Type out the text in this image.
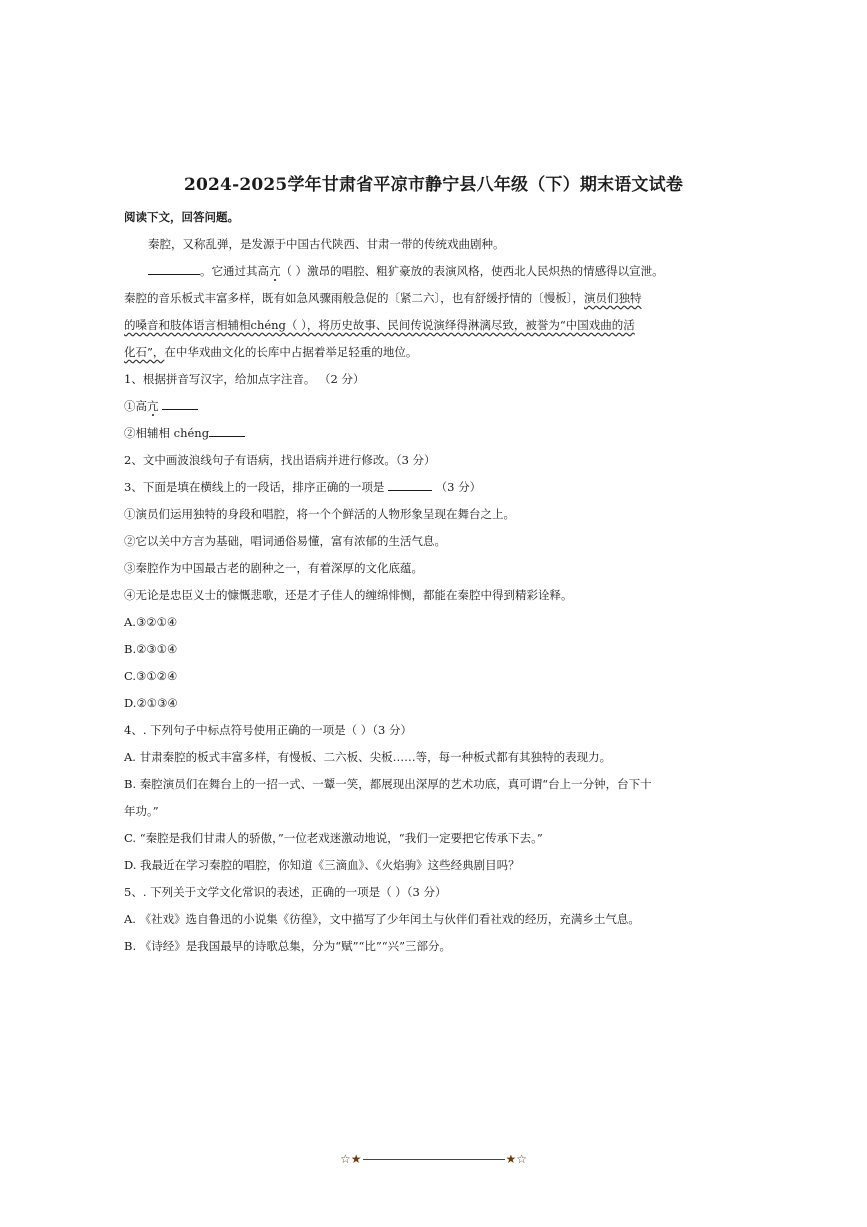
2024-2025学年甘肃省平凉市静宁县八年级（下）期末语文试卷
阅读下文，回答问题。
秦腔，又称乱弹，是发源于中国古代陕西、甘肃一带的传统戏曲剧种。
。它通过其高亢（ ）激昂的唱腔、粗犷豪放的表演风格，使西北人民炽热的情感得以宣泄。
秦腔的音乐板式丰富多样，既有如急风骤雨般急促的〔紧二六〕，也有舒缓抒情的〔慢板〕，演员们独特
的嗓音和肢体语言相辅相chéng（ ），将历史故事、民间传说演绎得淋漓尽致，被誉为“中国戏曲的活
化石”，在中华戏曲文化的长库中占据着举足轻重的地位。
1、根据拼音写汉字，给加点字注音。 （2 分）
①高亢
②相辅相 chéng
2、文中画波浪线句子有语病，找出语病并进行修改。（3 分）
3、下面是填在横线上的一段话，排序正确的一项是	（3 分）
①演员们运用独特的身段和唱腔，将一个个鲜活的人物形象呈现在舞台之上。
②它以关中方言为基础，唱词通俗易懂，富有浓郁的生活气息。
③秦腔作为中国最古老的剧种之一，有着深厚的文化底蕴。
④无论是忠臣义士的慷慨悲歌，还是才子佳人的缠绵悱恻，都能在秦腔中得到精彩诠释。
A.③②①④
B.②③①④
C.③①②④
D.②①③④
4、. 下列句子中标点符号使用正确的一项是（ ）（3 分）
A. 甘肃秦腔的板式丰富多样，有慢板、二六板、尖板……等，每一种板式都有其独特的表现力。
B. 秦腔演员们在舞台上的一招一式、一颦一笑，都展现出深厚的艺术功底，真可谓“台上一分钟，台下十
年功。”
C. “秦腔是我们甘肃人的骄傲，”一位老戏迷激动地说，“我们一定要把它传承下去。”
D. 我最近在学习秦腔的唱腔，你知道《三滴血》、《火焰驹》这些经典剧目吗？
5、. 下列关于文学文化常识的表述，正确的一项是（ ）（3 分）
A. 《社戏》选自鲁迅的小说集《彷徨》，文中描写了少年闰土与伙伴们看社戏的经历，充满乡土气息。
B. 《诗经》是我国最早的诗歌总集，分为“赋”“比”“兴”三部分。
☆★	★☆
